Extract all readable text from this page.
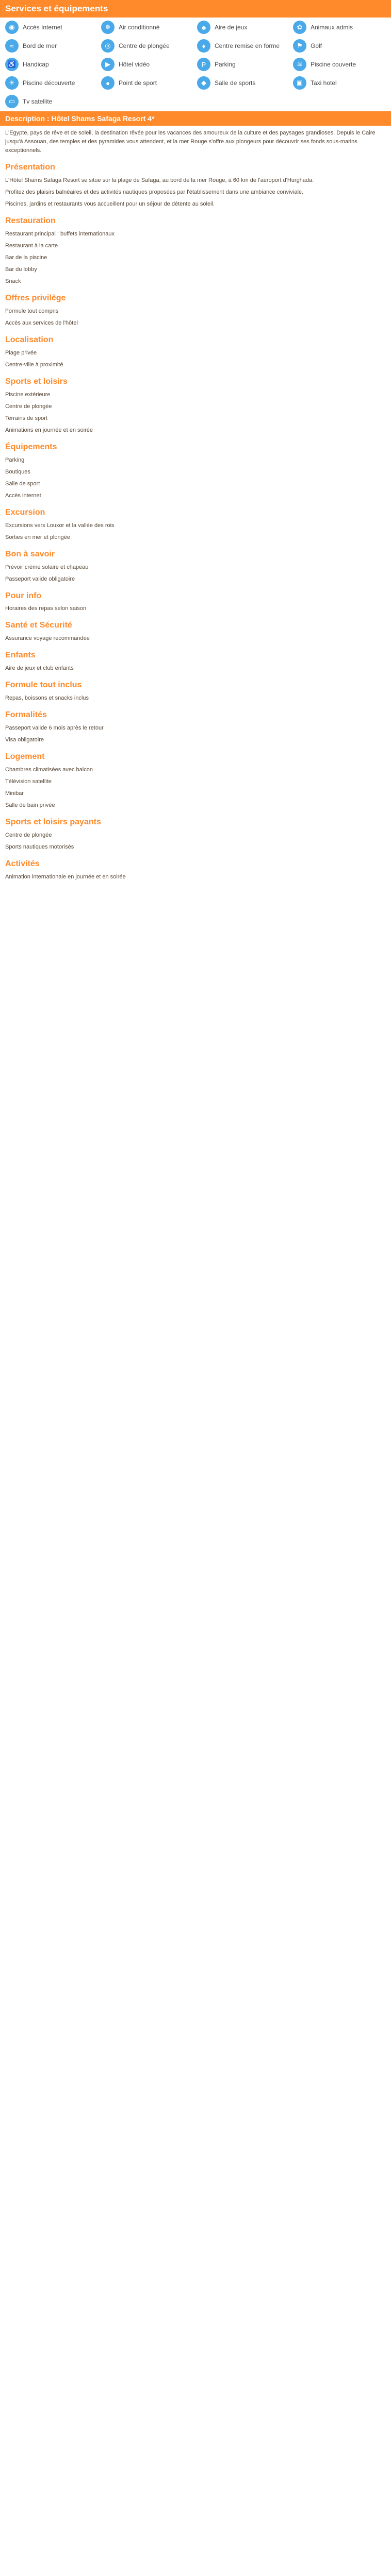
Services et équipements
◉	Accès Internet	❄	Air conditionné	♣	Aire de jeux	✿	Animaux admis
≈	Bord de mer	◎	Centre de plongée	♦	Centre remise en forme	⚑	Golf
♿	Handicap	▶	Hôtel vidéo	P	Parking	≋	Piscine couverte
☀	Piscine découverte	●	Point de sport	◆	Salle de sports	▣	Taxi hotel
▭	Tv satellite
Description : Hôtel Shams Safaga Resort 4*

L'Egypte, pays de rêve et de soleil, la destination rêvée pour les vacances des amoureux de la culture et des paysages grandioses. Depuis le Caire jusqu'à Assouan, des temples et des pyramides vous attendent, et la mer Rouge s'offre aux plongeurs pour découvrir ses fonds sous-marins exceptionnels.

Présentation

L'Hôtel Shams Safaga Resort se situe sur la plage de Safaga, au bord de la mer Rouge, à 60 km de l'aéroport d'Hurghada.

Profitez des plaisirs balnéaires et des activités nautiques proposées par l'établissement dans une ambiance conviviale.

Piscines, jardins et restaurants vous accueillent pour un séjour de détente au soleil.

Restauration

Restaurant principal : buffets internationaux

Restaurant à la carte

Bar de la piscine

Bar du lobby

Snack

Offres privilège

Formule tout compris

Accès aux services de l'hôtel

Localisation

Plage privée

Centre-ville à proximité

Sports et loisirs

Piscine extérieure

Centre de plongée

Terrains de sport

Animations en journée et en soirée

Équipements

Parking

Boutiques

Salle de sport

Accès internet

Excursion

Excursions vers Louxor et la vallée des rois

Sorties en mer et plongée

Bon à savoir

Prévoir crème solaire et chapeau

Passeport valide obligatoire

Pour info

Horaires des repas selon saison

Santé et Sécurité

Assurance voyage recommandée

Enfants

Aire de jeux et club enfants

Formule tout inclus

Repas, boissons et snacks inclus

Formalités

Passeport valide 6 mois après le retour

Visa obligatoire

Logement

Chambres climatisées avec balcon

Télévision satellite

Minibar

Salle de bain privée

Sports et loisirs payants

Centre de plongée

Sports nautiques motorisés

Activités

Animation internationale en journée et en soirée
